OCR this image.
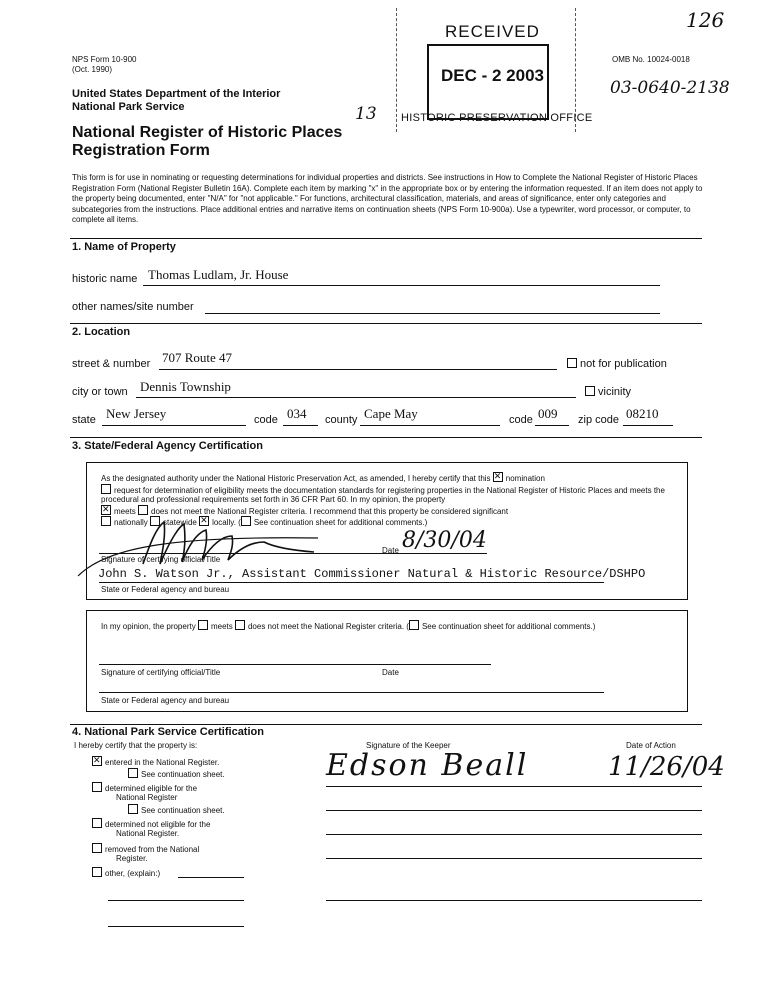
NPS Form 10-900
(Oct. 1990)
OMB No. 10024-0018
126
03-0640-2138
United States Department of the Interior
National Park Service	13
National Register of Historic Places
Registration Form
RECEIVED
DEC - 2 2003
HISTORIC PRESERVATION OFFICE
This form is for use in nominating or requesting determinations for individual properties and districts. See instructions in How to Complete the National Register of Historic Places Registration Form (National Register Bulletin 16A). Complete each item by marking "x" in the appropriate box or by entering the information requested. If an item does not apply to the property being documented, enter "N/A" for "not applicable." For functions, architectural classification, materials, and areas of significance, enter only categories and subcategories from the instructions. Place additional entries and narrative items on continuation sheets (NPS Form 10-900a). Use a typewriter, word processor, or computer, to complete all items.
1. Name of Property
historic name Thomas Ludlam, Jr. House
other names/site number
2. Location
street & number 707 Route 47	not for publication
city or town Dennis Township	vicinity
state New Jersey	code 034 county Cape May	code 009 zip code 08210
3. State/Federal Agency Certification
As the designated authority under the National Historic Preservation Act, as amended, I hereby certify that this ✕ nomination
request for determination of eligibility meets the documentation standards for registering properties in the National Register of Historic Places and meets the procedural and professional requirements set forth in 36 CFR Part 60. In my opinion, the property
✕meets does not meet the National Register criteria. I recommend that this property be considered significant
nationally statewide ✕ locally. ( See continuation sheet for additional comments.)
8/30/04
Signature of certifying official/Title
Date
John S. Watson Jr., Assistant Commissioner Natural & Historic Resource/DSHPO
State or Federal agency and bureau
In my opinion, the property meets does not meet the National Register criteria. ( See continuation sheet for additional comments.)
Signature of certifying official/Title	Date
State or Federal agency and bureau
4. National Park Service Certification
I hereby certify that the property is:
✕entered in the National Register.
See continuation sheet.
determined eligible for the
National Register
See continuation sheet.
determined not eligible for the
National Register.
removed from the National
Register.
other, (explain:)
Signature of the Keeper	Date of Action
Edson Beall	11/26/04
